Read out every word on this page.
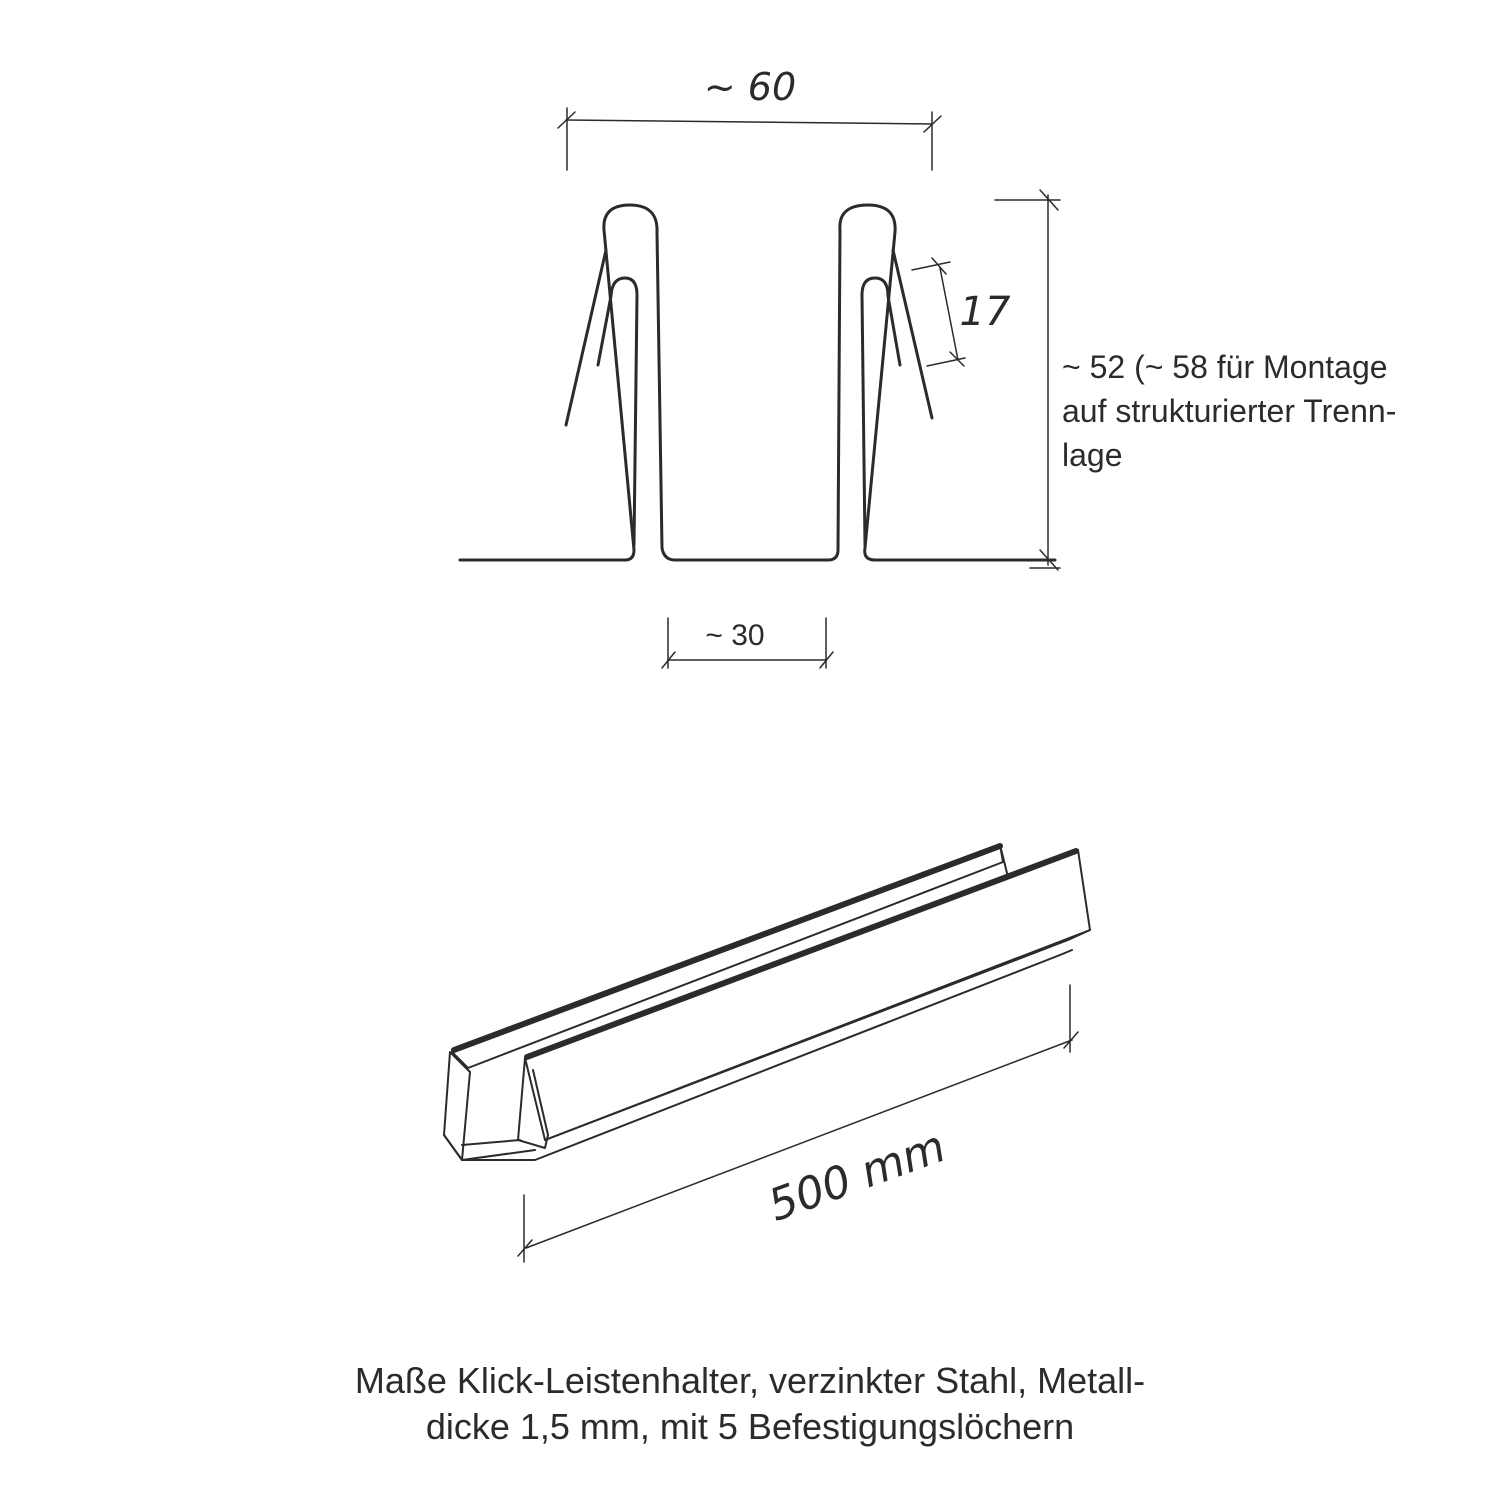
~ 60
17
~ 30
~ 52 (~ 58 für Montage
auf strukturierter Trenn-
lage
500 mm
Maße Klick-Leistenhalter, verzinkter Stahl, Metall-
dicke 1,5 mm, mit 5 Befestigungslöchern
